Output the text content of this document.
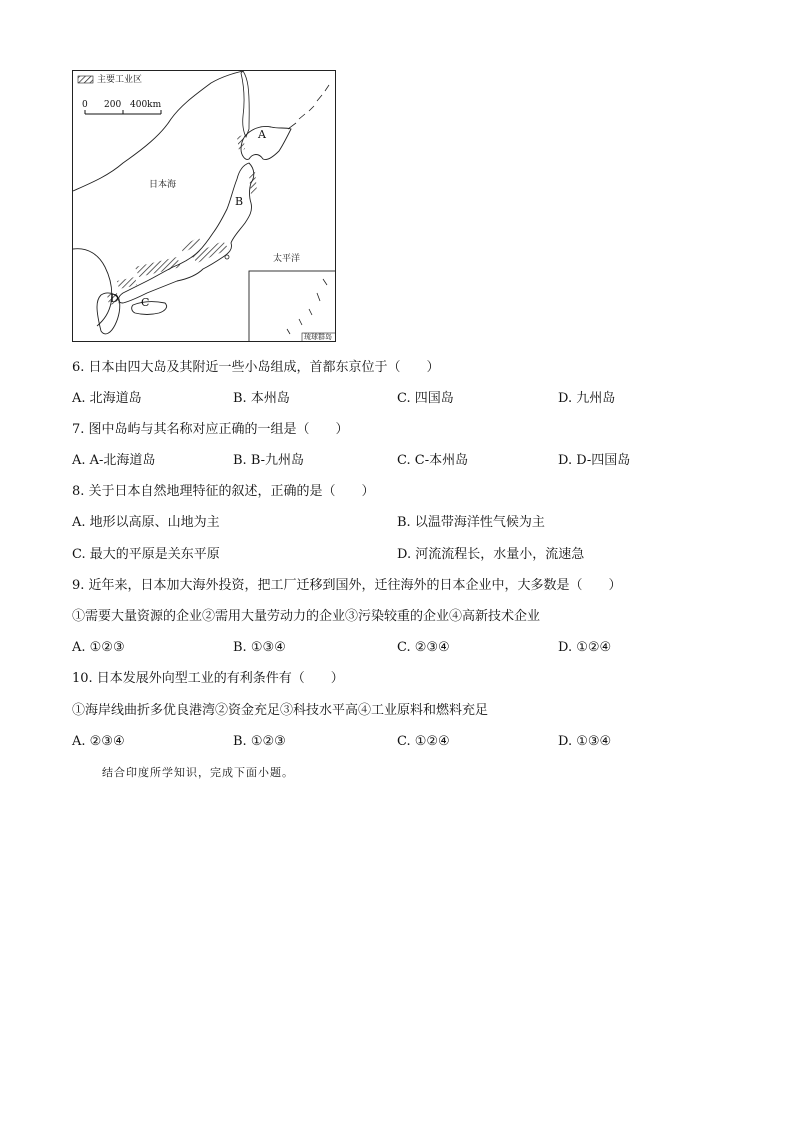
主要工业区
0 200 400km
日本海
太平洋
A
B
C
D
琉球群岛
6. 日本由四大岛及其附近一些小岛组成，首都东京位于（　　）
A. 北海道岛	B. 本州岛	C. 四国岛	D. 九州岛
7. 图中岛屿与其名称对应正确的一组是（　　）
A. A-北海道岛	B. B-九州岛	C. C-本州岛	D. D-四国岛
8. 关于日本自然地理特征的叙述，正确的是（　　）
A. 地形以高原、山地为主	B. 以温带海洋性气候为主
C. 最大的平原是关东平原	D. 河流流程长，水量小，流速急
9. 近年来，日本加大海外投资，把工厂迁移到国外，迁往海外的日本企业中，大多数是（　　）
①需要大量资源的企业②需用大量劳动力的企业③污染较重的企业④高新技术企业
A. ①②③	B. ①③④	C. ②③④	D. ①②④
10. 日本发展外向型工业的有利条件有（　　）
①海岸线曲折多优良港湾②资金充足③科技水平高④工业原料和燃料充足
A. ②③④	B. ①②③	C. ①②④	D. ①③④
结合印度所学知识，完成下面小题。
